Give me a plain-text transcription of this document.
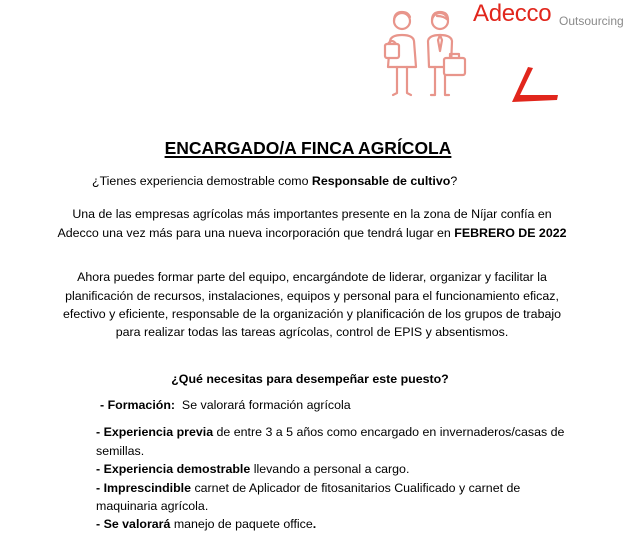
Adecco Outsourcing
ENCARGADO/A FINCA AGRÍCOLA
¿Tienes experiencia demostrable como Responsable de cultivo?
Una de las empresas agrícolas más importantes presente en la zona de Níjar confía en
Adecco una vez más para una nueva incorporación que tendrá lugar en FEBRERO DE 2022
Ahora puedes formar parte del equipo, encargándote de liderar, organizar y facilitar la
planificación de recursos, instalaciones, equipos y personal para el funcionamiento eficaz,
efectivo y eficiente, responsable de la organización y planificación de los grupos de trabajo
para realizar todas las tareas agrícolas, control de EPIS y absentismos.
¿Qué necesitas para desempeñar este puesto?
- Formación:  Se valorará formación agrícola
- Experiencia previa de entre 3 a 5 años como encargado en invernaderos/casas de
semillas.
- Experiencia demostrable llevando a personal a cargo.
- Imprescindible carnet de Aplicador de fitosanitarios Cualificado y carnet de
maquinaria agrícola.
- Se valorará manejo de paquete office.
